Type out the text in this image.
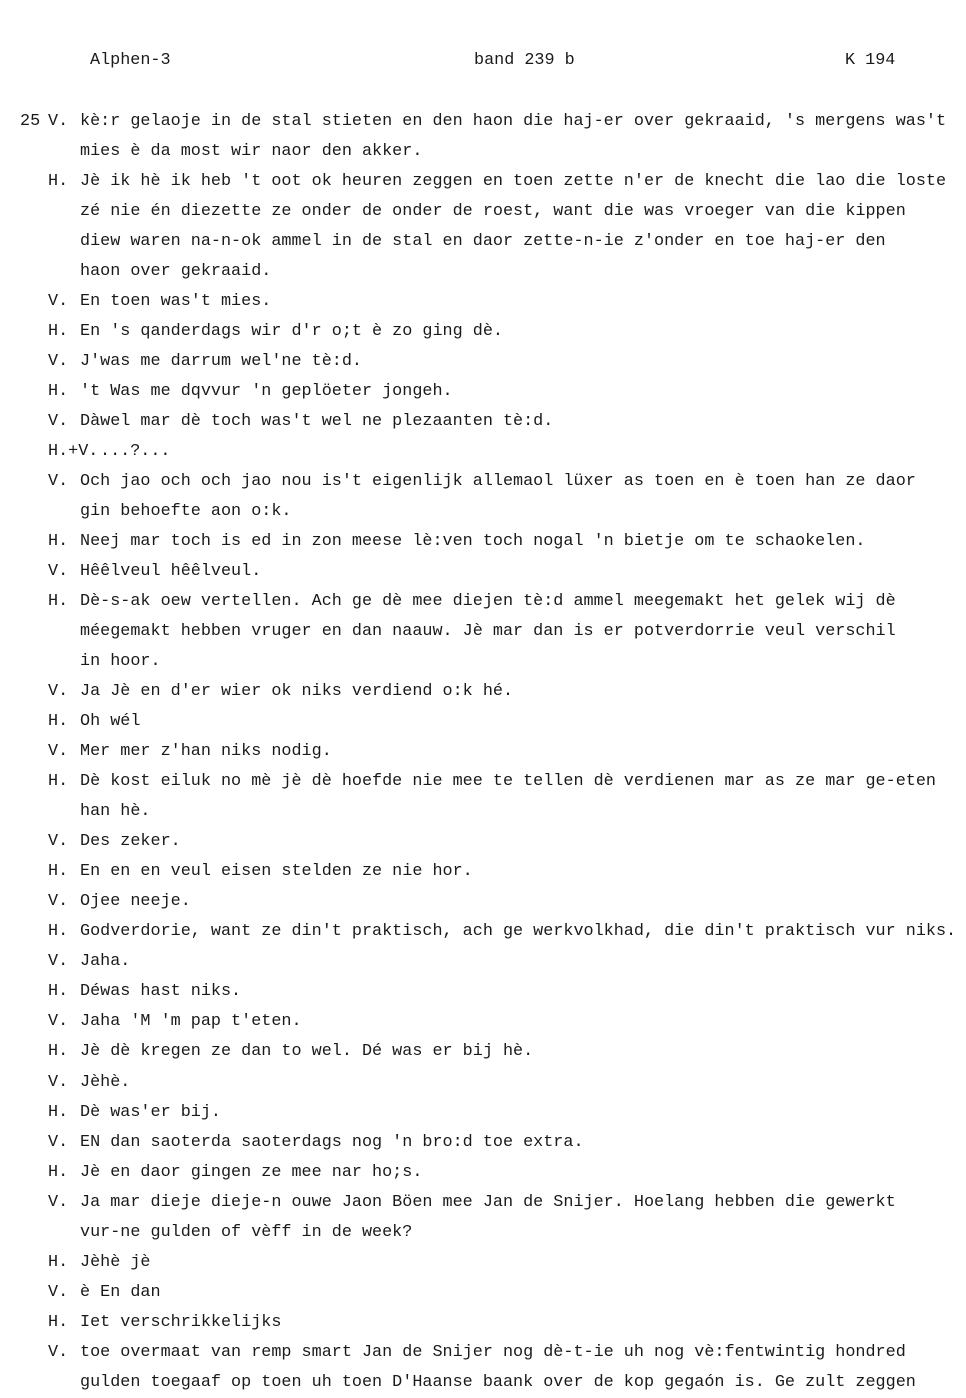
Alphen-3	band 239 b	K 194
25 V. kè:r gelaoje in de stal stieten en den haon die haj-er over gekraaid, 's mergens was't
mies è da most wir naor den akker.
H. Jè ik hè ik heb 't oot ok heuren zeggen en toen zette n'er de knecht die lao die loste
zé nie én diezette ze onder de onder de roest, want die was vroeger van die kippen
diew waren na-n-ok ammel in de stal en daor zette-n-ie z'onder en toe haj-er den
haon over gekraaid.
V. En toen was't mies.
H. En 's qanderdags wir d'r o;t è zo ging dè.
V. J'was me darrum wel'ne tè:d.
H. 't Was me dqvvur 'n geplöeter jongeh.
V. Dàwel mar dè toch was't wel ne plezaanten tè:d.
H.+V. ...?...
V. Och jao och och jao nou is't eigenlijk allemaol lüxer as toen en è toen han ze daor
gin behoefte aon o:k.
H. Neej mar toch is ed in zon meese lè:ven toch nogal 'n bietje om te schaokelen.
V. Hêêlveul hêêlveul.
H. Dè-s-ak oew vertellen. Ach ge dè mee diejen tè:d ammel meegemakt het gelek wij dè
méegemakt hebben vruger en dan naauw. Jè mar dan is er potverdorrie veul verschil
in hoor.
V. Ja Jè en d'er wier ok niks verdiend o:k hé.
H. Oh wél
V. Mer mer z'han niks nodig.
H. Dè kost eiluk no mè jè dè hoefde nie mee te tellen dè verdienen mar as ze mar ge-eten
han hè.
V. Des zeker.
H. En en en veul eisen stelden ze nie hor.
V. Ojee neeje.
H. Godverdorie, want ze din't praktisch, ach ge werkvolkhad, die din't praktisch vur niks.
V. Jaha.
H. Déwas hast niks.
V. Jaha 'M 'm pap t'eten.
H. Jè dè kregen ze dan to wel. Dé was er bij hè.
V. Jèhè.
H. Dè was'er bij.
V. EN dan saoterda saoterdags nog 'n bro:d toe extra.
H. Jè en daor gingen ze mee nar ho;s.
V. Ja mar dieje dieje-n ouwe Jaon Böen mee Jan de Snijer. Hoelang hebben die gewerkt
vur-ne gulden of vèff in de week?
H. Jèhè jè
V. è En dan
H. Iet verschrikkelijks
V. toe overmaat van remp smart Jan de Snijer nog dè-t-ie uh nog vè:fentwintig hondred
gulden toegaaf op toen uh toen D'Haanse baank over de kop gegaón is. Ge zult zeggen
